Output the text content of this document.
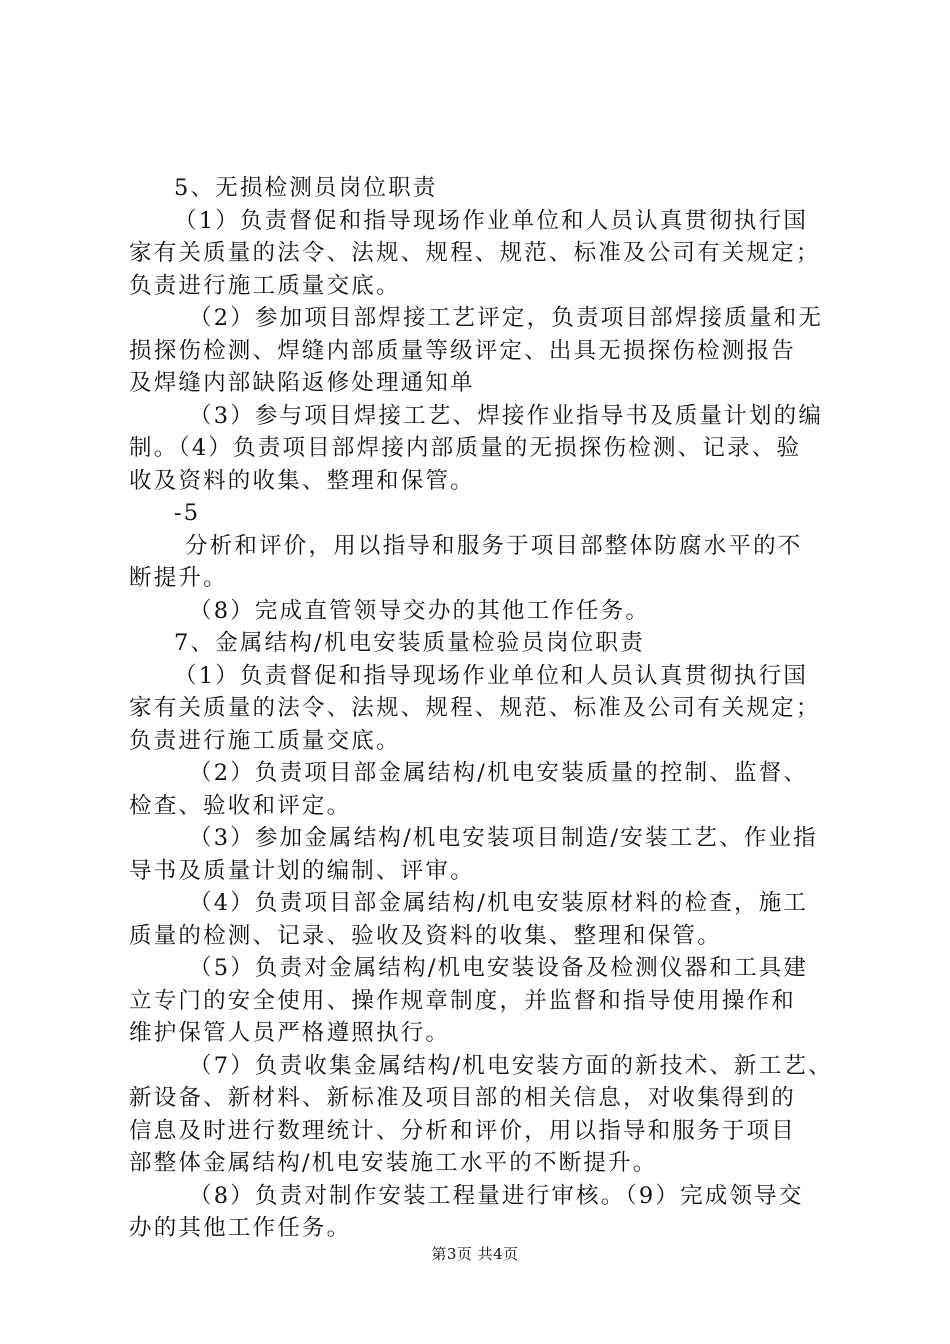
5、无损检测员岗位职责
（1）负责督促和指导现场作业单位和人员认真贯彻执行国
家有关质量的法令、法规、规程、规范、标准及公司有关规定；
负责进行施工质量交底。
（2）参加项目部焊接工艺评定，负责项目部焊接质量和无
损探伤检测、焊缝内部质量等级评定、出具无损探伤检测报告
及焊缝内部缺陷返修处理通知单
（3）参与项目焊接工艺、焊接作业指导书及质量计划的编
制。（4）负责项目部焊接内部质量的无损探伤检测、记录、验
收及资料的收集、整理和保管。
-5
分析和评价，用以指导和服务于项目部整体防腐水平的不
断提升。
（8）完成直管领导交办的其他工作任务。
7、金属结构/机电安装质量检验员岗位职责
（1）负责督促和指导现场作业单位和人员认真贯彻执行国
家有关质量的法令、法规、规程、规范、标准及公司有关规定；
负责进行施工质量交底。
（2）负责项目部金属结构/机电安装质量的控制、监督、
检查、验收和评定。
（3）参加金属结构/机电安装项目制造/安装工艺、作业指
导书及质量计划的编制、评审。
（4）负责项目部金属结构/机电安装原材料的检查，施工
质量的检测、记录、验收及资料的收集、整理和保管。
（5）负责对金属结构/机电安装设备及检测仪器和工具建
立专门的安全使用、操作规章制度，并监督和指导使用操作和
维护保管人员严格遵照执行。
（7）负责收集金属结构/机电安装方面的新技术、新工艺、
新设备、新材料、新标准及项目部的相关信息，对收集得到的
信息及时进行数理统计、分析和评价，用以指导和服务于项目
部整体金属结构/机电安装施工水平的不断提升。
（8）负责对制作安装工程量进行审核。（9）完成领导交
办的其他工作任务。
第3页 共4页
